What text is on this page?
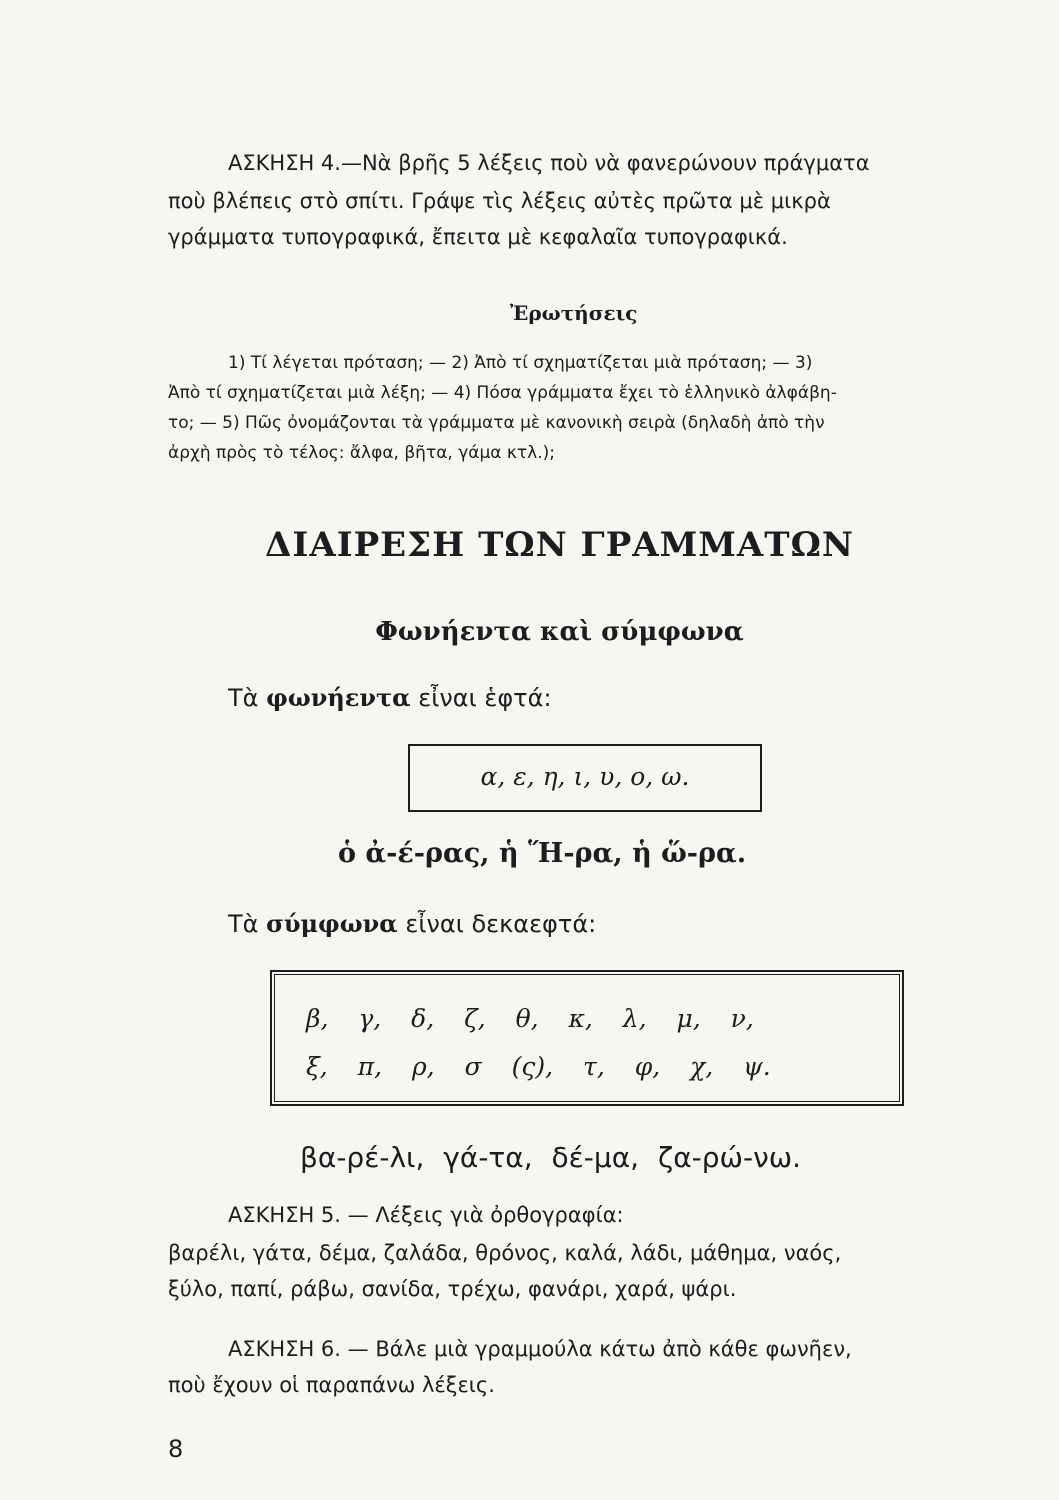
ΑΣΚΗΣΗ 4.—Νὰ βρῆς 5 λέξεις ποὺ νὰ φανερώνουν πράγματα

ποὺ βλέπεις στὸ σπίτι. Γράψε τὶς λέξεις αὐτὲς πρῶτα μὲ μικρὰ

γράμματα τυπογραφικά, ἔπειτα μὲ κεφαλαῖα τυπογραφικά.

Ἐρωτήσεις

1) Τί λέγεται πρόταση; — 2) Ἀπὸ τί σχηματίζεται μιὰ πρόταση; — 3)

Ἀπὸ τί σχηματίζεται μιὰ λέξη; — 4) Πόσα γράμματα ἔχει τὸ ἑλληνικὸ ἀλφάβη-

το; — 5) Πῶς ὀνομάζονται τὰ γράμματα μὲ κανονικὴ σειρὰ (δηλαδὴ ἀπὸ τὴν

ἀρχὴ πρὸς τὸ τέλος: ἄλφα, βῆτα, γάμα κτλ.);

ΔΙΑΙΡΕΣΗ ΤΩΝ ΓΡΑΜΜΑΤΩΝ

Φωνήεντα καὶ σύμφωνα

Τὰ φωνήεντα εἶναι ἑφτά:

α, ε, η, ι, υ, ο, ω.

ὁ ἀ-έ-ρας, ἡ Ἥ-ρα, ἡ ὥ-ρα.

Τὰ σύμφωνα εἶναι δεκαεφτά:

β, γ, δ, ζ, θ, κ, λ, μ, ν,

ξ, π, ρ, σ (ς), τ, φ, χ, ψ.

βα-ρέ-λι, γά-τα, δέ-μα, ζα-ρώ-νω.

ΑΣΚΗΣΗ 5. — Λέξεις γιὰ ὀρθογραφία:

βαρέλι, γάτα, δέμα, ζαλάδα, θρόνος, καλά, λάδι, μάθημα, ναός,

ξύλο, παπί, ράβω, σανίδα, τρέχω, φανάρι, χαρά, ψάρι.

ΑΣΚΗΣΗ 6. — Βάλε μιὰ γραμμούλα κάτω ἀπὸ κάθε φωνῆεν,

ποὺ ἔχουν οἱ παραπάνω λέξεις.

8
